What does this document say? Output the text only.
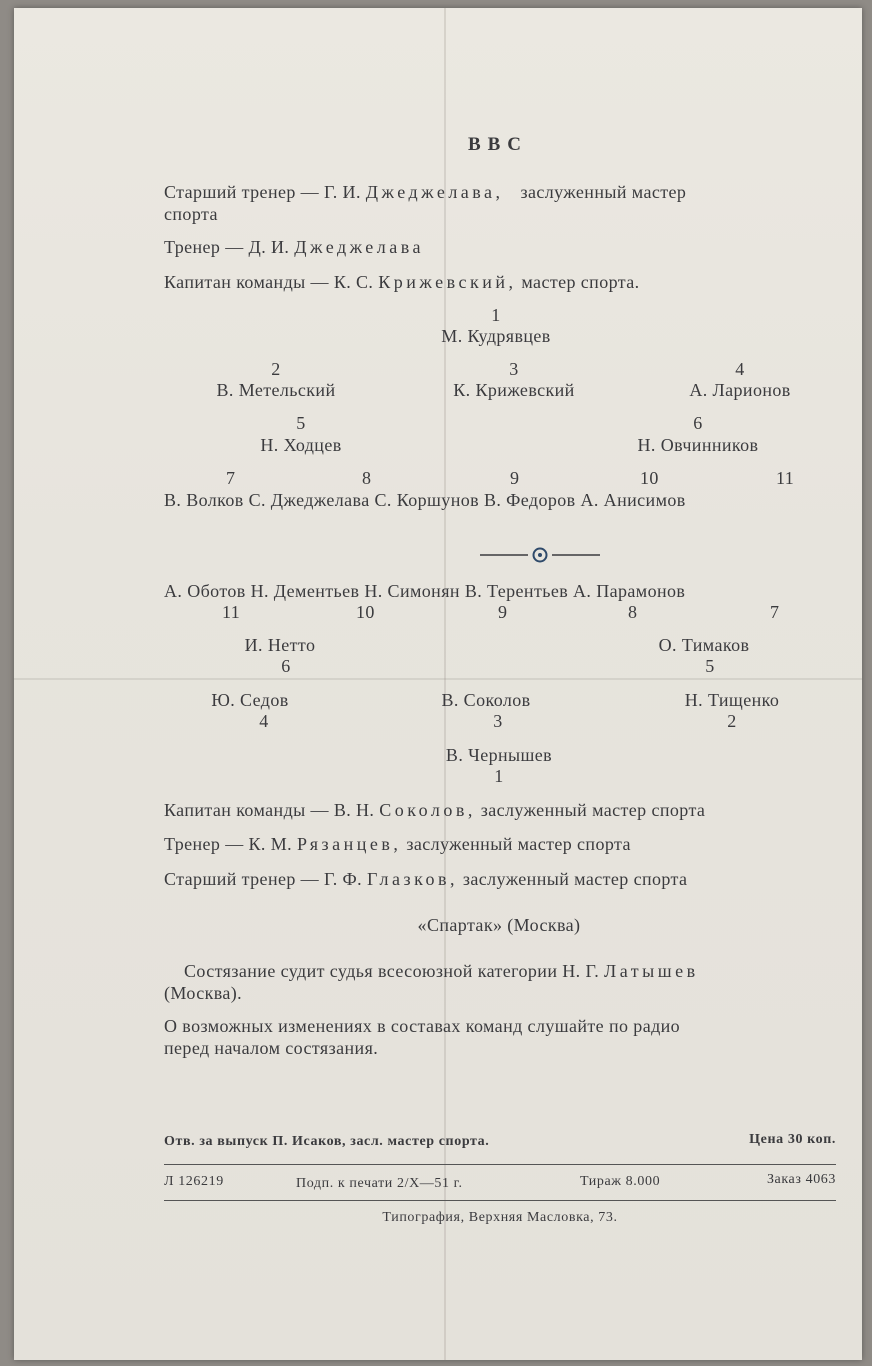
ВВС
Старший тренер — Г. И. Джеджелава, заслуженный мастер
спорта
Тренер — Д. И. Джеджелава
Капитан команды — К. С. Крижевский, мастер спорта.
1
М. Кудрявцев
2
В. Метельский
3
К. Крижевский
4
А. Ларионов
5
Н. Ходцев
6
Н. Овчинников
7	8	9	10	11
В. Волков С. Джеджелава С. Коршунов В. Федоров А. Анисимов
А. Оботов Н. Дементьев Н. Симонян В. Терентьев А. Парамонов
11	10	9	8	7
И. Нетто
6
О. Тимаков
5
Ю. Седов
4
В. Соколов
3
Н. Тищенко
2
В. Чернышев
1
Капитан команды — В. Н. Соколов, заслуженный мастер спорта
Тренер — К. М. Рязанцев, заслуженный мастер спорта
Старший тренер — Г. Ф. Глазков, заслуженный мастер спорта
«Спартак» (Москва)
Состязание судит судья всесоюзной категории Н. Г. Латышев
(Москва).
О возможных изменениях в составах команд слушайте по радио
перед началом состязания.
Отв. за выпуск П. Исаков, засл. мастер спорта.	Цена 30 коп.
Л 126219	Подп. к печати 2/Х—51 г.	Тираж 8.000	Заказ 4063
Типография, Верхняя Масловка, 73.
